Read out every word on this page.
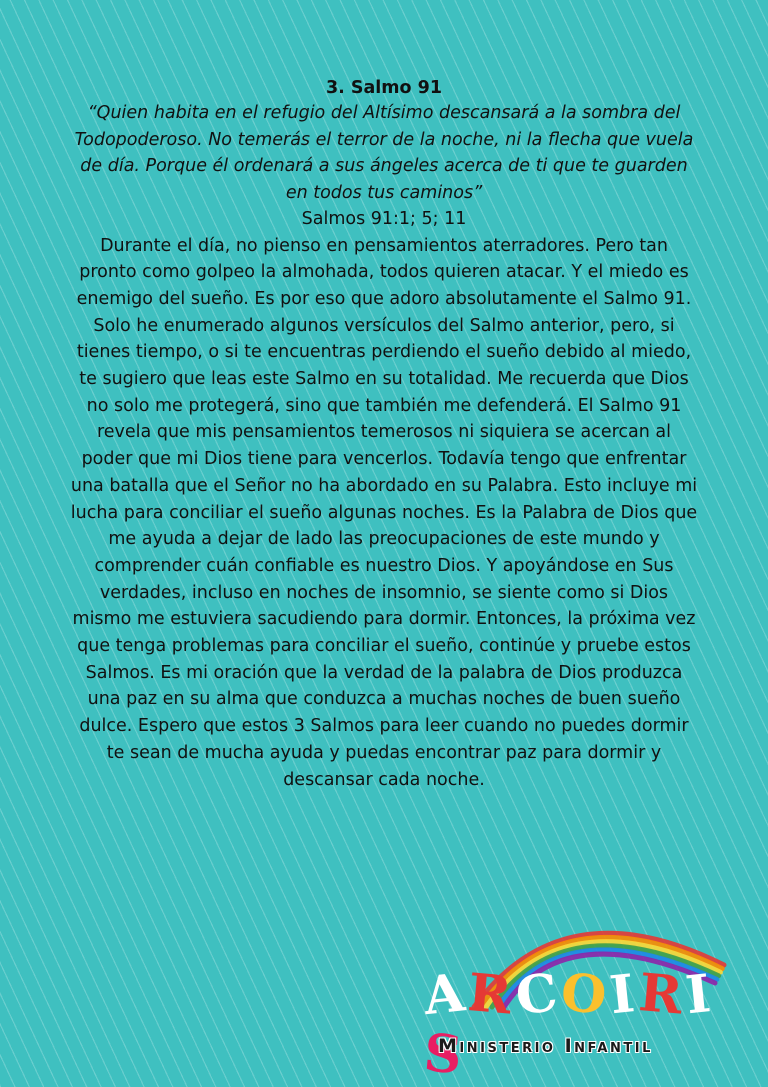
3. Salmo 91

“Quien habita en el refugio del Altísimo descansará a la sombra del Todopoderoso. No temerás el terror de la noche, ni la flecha que vuela de día. Porque él ordenará a sus ángeles acerca de ti que te guarden en todos tus caminos”

Salmos 91:1; 5; 11

Durante el día, no pienso en pensamientos aterradores. Pero tan pronto como golpeo la almohada, todos quieren atacar. Y el miedo es enemigo del sueño. Es por eso que adoro absolutamente el Salmo 91. Solo he enumerado algunos versículos del Salmo anterior, pero, si tienes tiempo, o si te encuentras perdiendo el sueño debido al miedo, te sugiero que leas este Salmo en su totalidad. Me recuerda que Dios no solo me protegerá, sino que también me defenderá. El Salmo 91 revela que mis pensamientos temerosos ni siquiera se acercan al poder que mi Dios tiene para vencerlos. Todavía tengo que enfrentar una batalla que el Señor no ha abordado en su Palabra. Esto incluye mi lucha para conciliar el sueño algunas noches. Es la Palabra de Dios que me ayuda a dejar de lado las preocupaciones de este mundo y comprender cuán confiable es nuestro Dios. Y apoyándose en Sus verdades, incluso en noches de insomnio, se siente como si Dios mismo me estuviera sacudiendo para dormir. Entonces, la próxima vez que tenga problemas para conciliar el sueño, continúe y pruebe estos Salmos. Es mi oración que la verdad de la palabra de Dios produzca una paz en su alma que conduzca a muchas noches de buen sueño dulce. Espero que estos 3 Salmos para leer cuando no puedes dormir te sean de mucha ayuda y puedas encontrar paz para dormir y descansar cada noche.

ARCOIRIS
Ministerio Infantil
